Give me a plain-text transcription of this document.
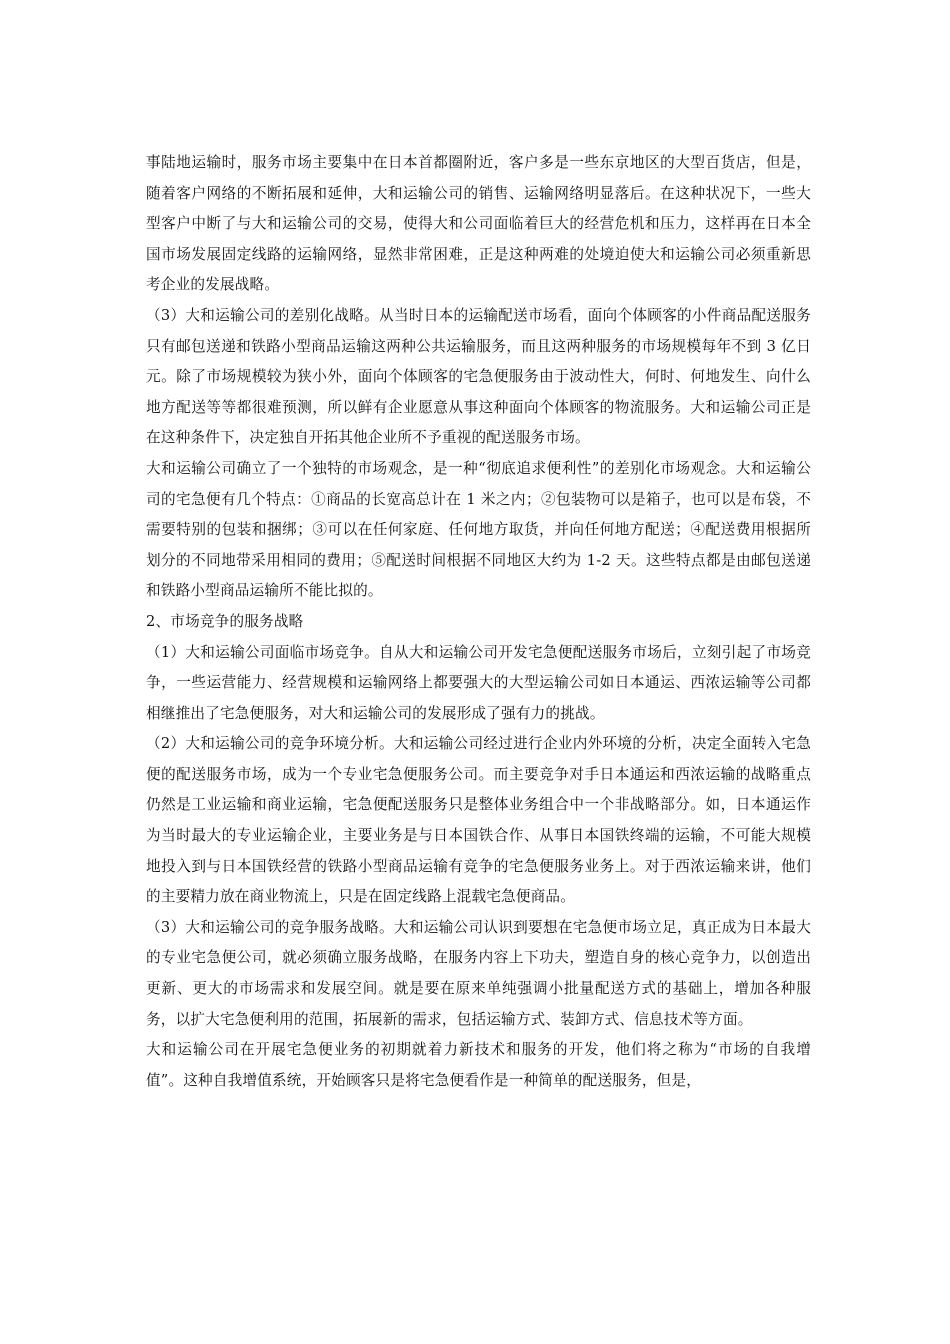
事陆地运输时，服务市场主要集中在日本首都圈附近，客户多是一些东京地区的大型百货店，但是，随着客户网络的不断拓展和延伸，大和运输公司的销售、运输网络明显落后。在这种状况下，一些大型客户中断了与大和运输公司的交易，使得大和公司面临着巨大的经营危机和压力，这样再在日本全国市场发展固定线路的运输网络，显然非常困难，正是这种两难的处境迫使大和运输公司必须重新思考企业的发展战略。

（3）大和运输公司的差别化战略。从当时日本的运输配送市场看，面向个体顾客的小件商品配送服务只有邮包送递和铁路小型商品运输这两种公共运输服务，而且这两种服务的市场规模每年不到 3 亿日元。除了市场规模较为狭小外，面向个体顾客的宅急便服务由于波动性大，何时、何地发生、向什么地方配送等等都很难预测，所以鲜有企业愿意从事这种面向个体顾客的物流服务。大和运输公司正是在这种条件下，决定独自开拓其他企业所不予重视的配送服务市场。

大和运输公司确立了一个独特的市场观念，是一种“彻底追求便利性”的差别化市场观念。大和运输公司的宅急便有几个特点：①商品的长宽高总计在 1 米之内；②包装物可以是箱子，也可以是布袋，不需要特别的包装和捆绑；③可以在任何家庭、任何地方取货，并向任何地方配送；④配送费用根据所划分的不同地带采用相同的费用；⑤配送时间根据不同地区大约为 1-2 天。这些特点都是由邮包送递和铁路小型商品运输所不能比拟的。

2、市场竞争的服务战略

（1）大和运输公司面临市场竞争。自从大和运输公司开发宅急便配送服务市场后，立刻引起了市场竞争，一些运营能力、经营规模和运输网络上都要强大的大型运输公司如日本通运、西浓运输等公司都相继推出了宅急便服务，对大和运输公司的发展形成了强有力的挑战。

（2）大和运输公司的竞争环境分析。大和运输公司经过进行企业内外环境的分析，决定全面转入宅急便的配送服务市场，成为一个专业宅急便服务公司。而主要竞争对手日本通运和西浓运输的战略重点仍然是工业运输和商业运输，宅急便配送服务只是整体业务组合中一个非战略部分。如，日本通运作为当时最大的专业运输企业，主要业务是与日本国铁合作、从事日本国铁终端的运输，不可能大规模地投入到与日本国铁经营的铁路小型商品运输有竞争的宅急便服务业务上。对于西浓运输来讲，他们的主要精力放在商业物流上，只是在固定线路上混载宅急便商品。

（3）大和运输公司的竞争服务战略。大和运输公司认识到要想在宅急便市场立足，真正成为日本最大的专业宅急便公司，就必须确立服务战略，在服务内容上下功夫，塑造自身的核心竞争力，以创造出更新、更大的市场需求和发展空间。就是要在原来单纯强调小批量配送方式的基础上，增加各种服务，以扩大宅急便利用的范围，拓展新的需求，包括运输方式、装卸方式、信息技术等方面。

大和运输公司在开展宅急便业务的初期就着力新技术和服务的开发，他们将之称为“市场的自我增值”。这种自我增值系统，开始顾客只是将宅急便看作是一种简单的配送服务，但是，
